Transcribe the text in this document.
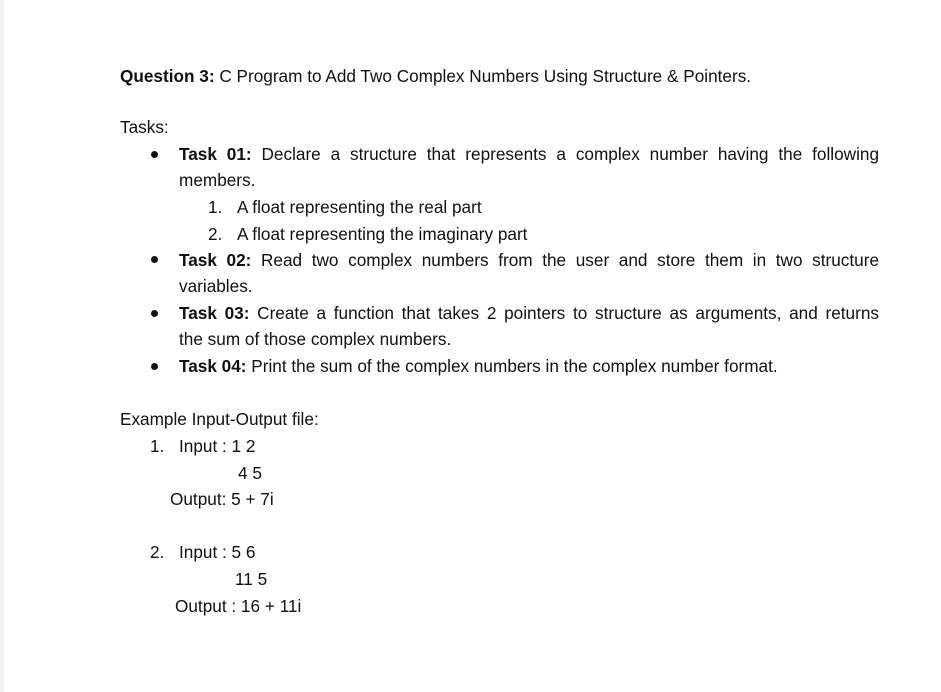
Question 3: C Program to Add Two Complex Numbers Using Structure & Pointers.
Tasks:
Task 01: Declare a structure that represents a complex number having the following
members.
1. A float representing the real part
2. A float representing the imaginary part
Task 02: Read two complex numbers from the user and store them in two structure
variables.
Task 03: Create a function that takes 2 pointers to structure as arguments, and returns
the sum of those complex numbers.
Task 04: Print the sum of the complex numbers in the complex number format.
Example Input-Output file:
1. Input : 1 2
4 5
Output: 5 + 7i
2. Input : 5 6
11 5
Output : 16 + 11i
